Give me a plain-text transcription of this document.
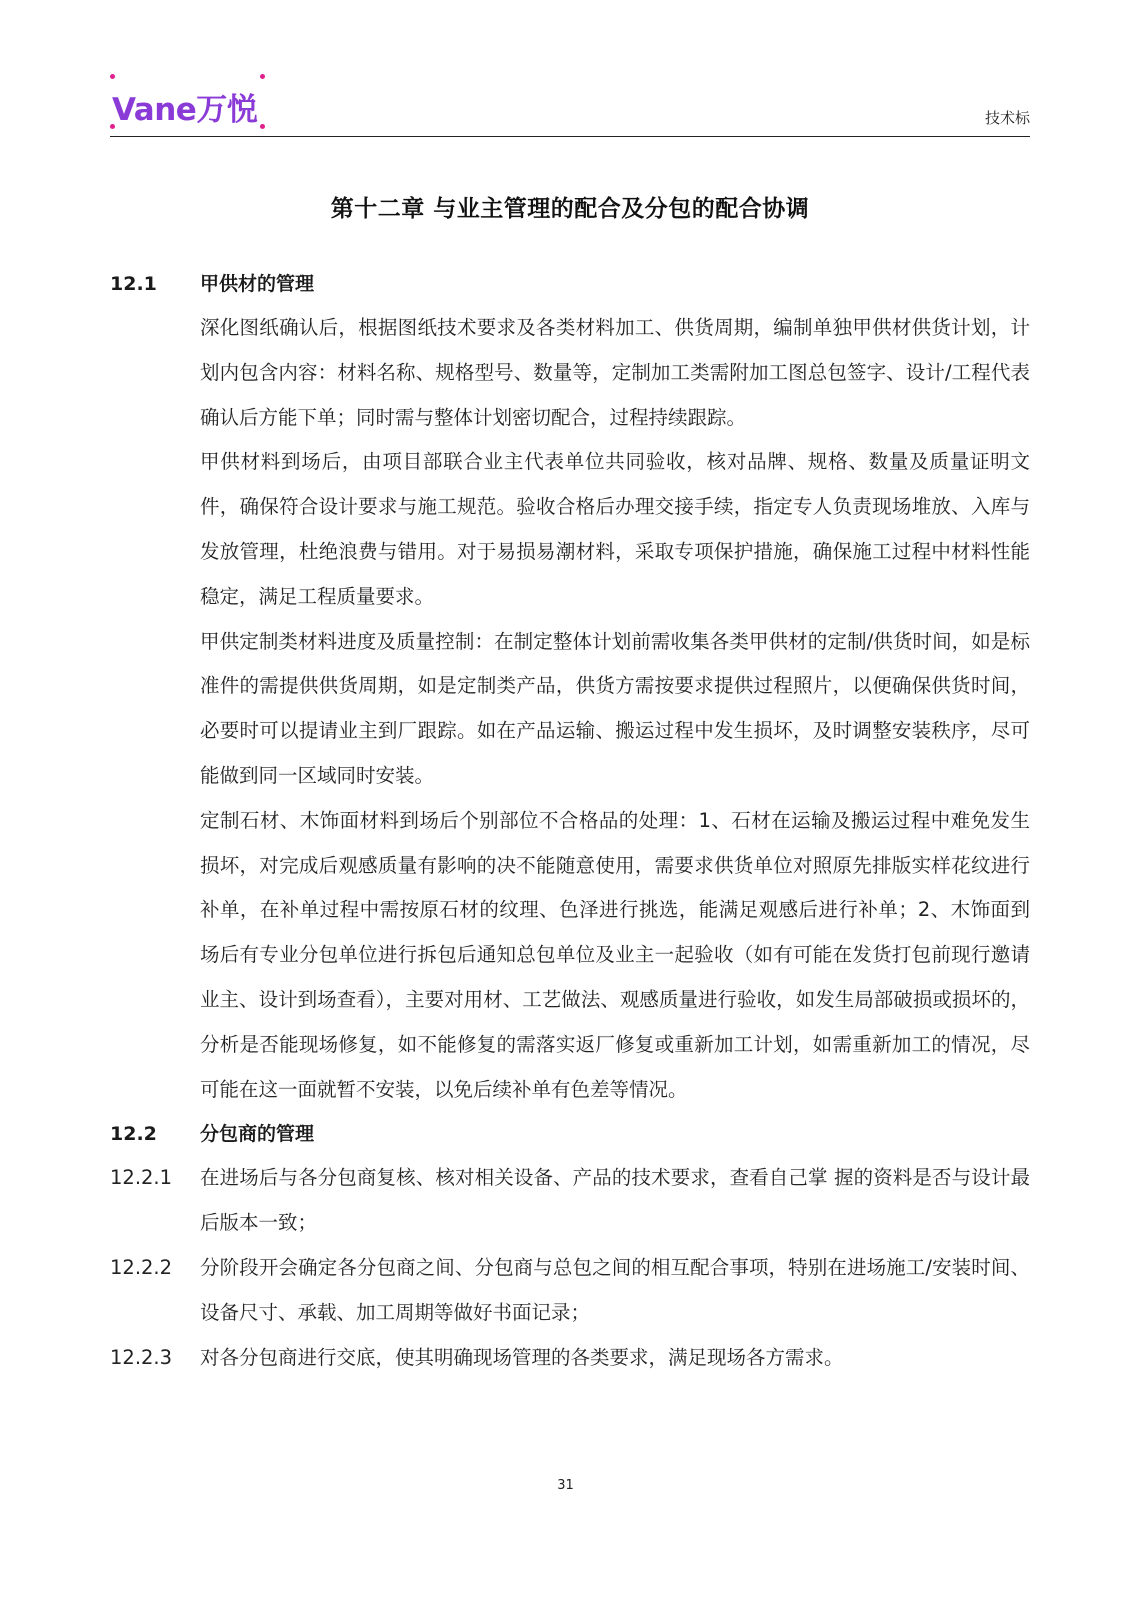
Vane万悦	技术标
第十二章 与业主管理的配合及分包的配合协调
12.1	甲供材的管理
深化图纸确认后，根据图纸技术要求及各类材料加工、供货周期，编制单独甲供材供货计划，计划内包含内容：材料名称、规格型号、数量等，定制加工类需附加工图总包签字、设计/工程代表确认后方能下单；同时需与整体计划密切配合，过程持续跟踪。
甲供材料到场后，由项目部联合业主代表单位共同验收，核对品牌、规格、数量及质量证明文件，确保符合设计要求与施工规范。验收合格后办理交接手续，指定专人负责现场堆放、入库与发放管理，杜绝浪费与错用。对于易损易潮材料，采取专项保护措施，确保施工过程中材料性能稳定，满足工程质量要求。
甲供定制类材料进度及质量控制：在制定整体计划前需收集各类甲供材的定制/供货时间，如是标准件的需提供供货周期，如是定制类产品，供货方需按要求提供过程照片，以便确保供货时间，必要时可以提请业主到厂跟踪。如在产品运输、搬运过程中发生损坏，及时调整安装秩序，尽可能做到同一区域同时安装。
定制石材、木饰面材料到场后个别部位不合格品的处理：1、石材在运输及搬运过程中难免发生损坏，对完成后观感质量有影响的决不能随意使用，需要求供货单位对照原先排版实样花纹进行补单，在补单过程中需按原石材的纹理、色泽进行挑选，能满足观感后进行补单；2、木饰面到场后有专业分包单位进行拆包后通知总包单位及业主一起验收（如有可能在发货打包前现行邀请业主、设计到场查看），主要对用材、工艺做法、观感质量进行验收，如发生局部破损或损坏的，分析是否能现场修复，如不能修复的需落实返厂修复或重新加工计划，如需重新加工的情况，尽可能在这一面就暂不安装，以免后续补单有色差等情况。
12.2	分包商的管理
12.2.1	在进场后与各分包商复核、核对相关设备、产品的技术要求，查看自己掌 握的资料是否与设计最后版本一致；
12.2.2	分阶段开会确定各分包商之间、分包商与总包之间的相互配合事项，特别在进场施工/安装时间、设备尺寸、承载、加工周期等做好书面记录；
12.2.3	对各分包商进行交底，使其明确现场管理的各类要求，满足现场各方需求。
31
